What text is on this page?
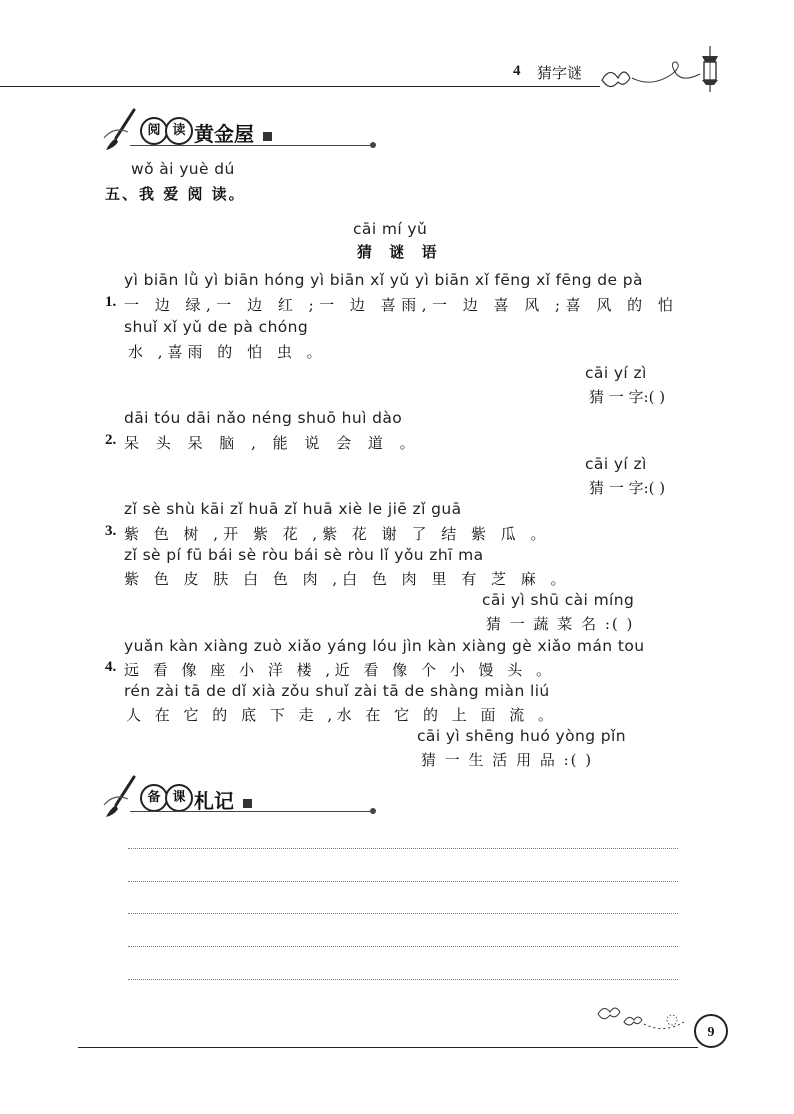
4 猜字谜
阅 读 黄金屋
wǒ ài yuè dú
五、我 爱 阅 读。
cāi mí yǔ
猜 谜 语
yì biān lǜ yì biān hóng yì biān xǐ yǔ yì biān xǐ fēng xǐ fēng de pà
1. 一 边 绿,一 边 红 ;一 边 喜雨,一 边 喜 风 ;喜 风 的 怕
shuǐ xǐ yǔ de pà chóng
水 ,喜雨 的 怕 虫 。
cāi yí zì
猜 一 字:( )
dāi tóu dāi nǎo néng shuō huì dào
2. 呆 头 呆 脑 , 能 说 会 道 。
cāi yí zì
猜 一 字:( )
zǐ sè shù kāi zǐ huā zǐ huā xiè le jiē zǐ guā
3. 紫 色 树 ,开 紫 花 ,紫 花 谢 了 结 紫 瓜 。
zǐ sè pí fū bái sè ròu bái sè ròu lǐ yǒu zhī ma
紫 色 皮 肤 白 色 肉 ,白 色 肉 里 有 芝 麻 。
cāi yì shū cài míng
猜 一 蔬 菜 名 :( )
yuǎn kàn xiàng zuò xiǎo yáng lóu jìn kàn xiàng gè xiǎo mán tou
4. 远 看 像 座 小 洋 楼 ,近 看 像 个 小 馒 头 。
rén zài tā de dǐ xià zǒu shuǐ zài tā de shàng miàn liú
人 在 它 的 底 下 走 ,水 在 它 的 上 面 流 。
cāi yì shēng huó yòng pǐn
猜 一 生 活 用 品 :( )
备 课 札记
9
